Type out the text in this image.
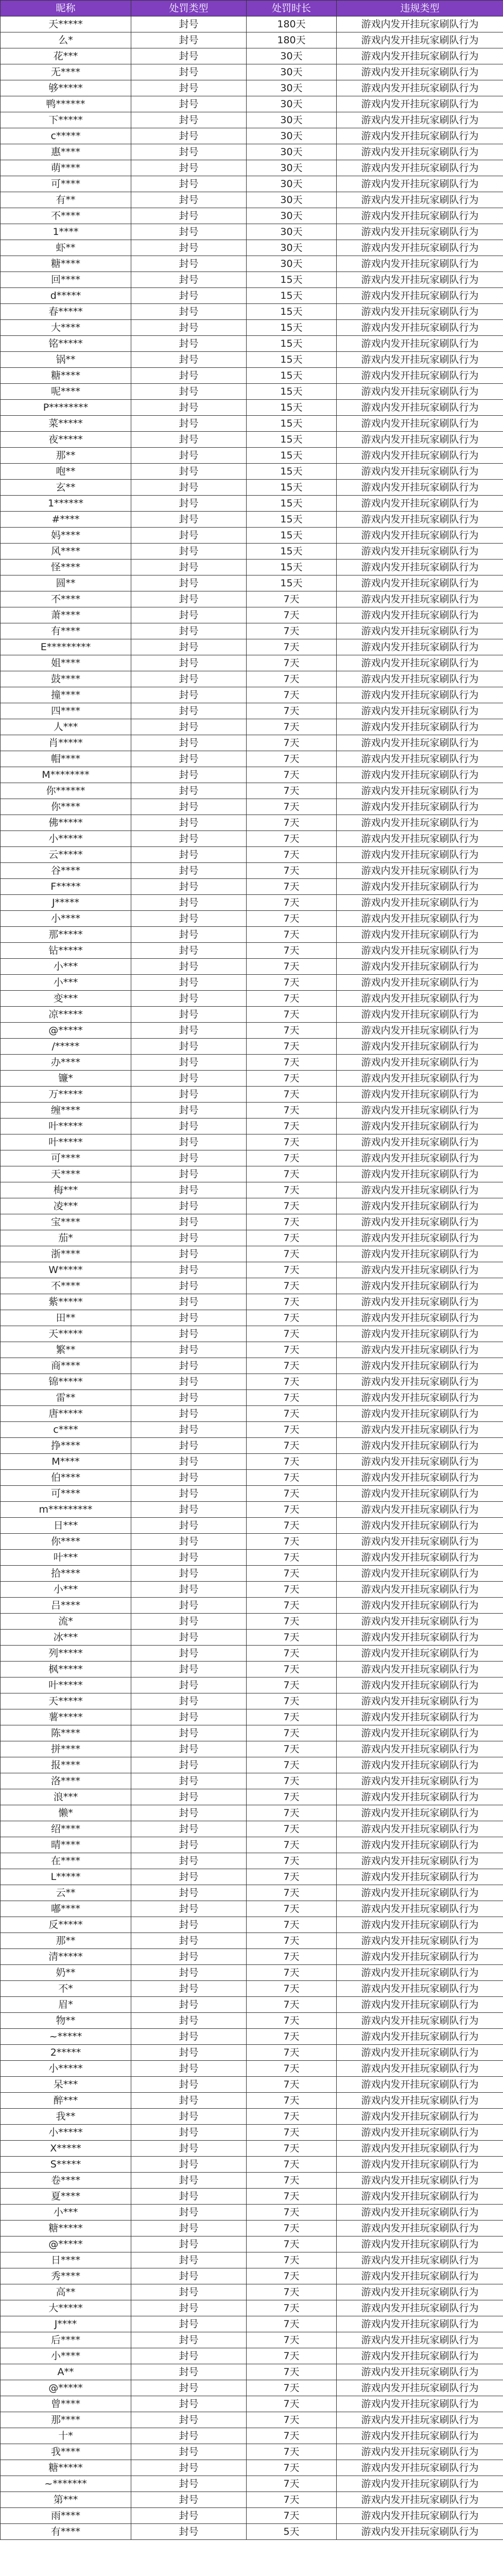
昵称	处罚类型	处罚时长	违规类型
天*****	封号	180天	游戏内发开挂玩家刷队行为
么*	封号	180天	游戏内发开挂玩家刷队行为
花***	封号	30天	游戏内发开挂玩家刷队行为
无****	封号	30天	游戏内发开挂玩家刷队行为
够*****	封号	30天	游戏内发开挂玩家刷队行为
鸭******	封号	30天	游戏内发开挂玩家刷队行为
下*****	封号	30天	游戏内发开挂玩家刷队行为
c*****	封号	30天	游戏内发开挂玩家刷队行为
惠****	封号	30天	游戏内发开挂玩家刷队行为
萌****	封号	30天	游戏内发开挂玩家刷队行为
可****	封号	30天	游戏内发开挂玩家刷队行为
有**	封号	30天	游戏内发开挂玩家刷队行为
不****	封号	30天	游戏内发开挂玩家刷队行为
1****	封号	30天	游戏内发开挂玩家刷队行为
虾**	封号	30天	游戏内发开挂玩家刷队行为
糖****	封号	30天	游戏内发开挂玩家刷队行为
回****	封号	15天	游戏内发开挂玩家刷队行为
d*****	封号	15天	游戏内发开挂玩家刷队行为
春*****	封号	15天	游戏内发开挂玩家刷队行为
大****	封号	15天	游戏内发开挂玩家刷队行为
铭*****	封号	15天	游戏内发开挂玩家刷队行为
锅**	封号	15天	游戏内发开挂玩家刷队行为
糖****	封号	15天	游戏内发开挂玩家刷队行为
呢****	封号	15天	游戏内发开挂玩家刷队行为
P********	封号	15天	游戏内发开挂玩家刷队行为
菜*****	封号	15天	游戏内发开挂玩家刷队行为
夜*****	封号	15天	游戏内发开挂玩家刷队行为
那**	封号	15天	游戏内发开挂玩家刷队行为
咆**	封号	15天	游戏内发开挂玩家刷队行为
玄**	封号	15天	游戏内发开挂玩家刷队行为
1******	封号	15天	游戏内发开挂玩家刷队行为
#****	封号	15天	游戏内发开挂玩家刷队行为
妈****	封号	15天	游戏内发开挂玩家刷队行为
风****	封号	15天	游戏内发开挂玩家刷队行为
怪****	封号	15天	游戏内发开挂玩家刷队行为
圆**	封号	15天	游戏内发开挂玩家刷队行为
不****	封号	7天	游戏内发开挂玩家刷队行为
萧****	封号	7天	游戏内发开挂玩家刷队行为
有****	封号	7天	游戏内发开挂玩家刷队行为
E*********	封号	7天	游戏内发开挂玩家刷队行为
姐****	封号	7天	游戏内发开挂玩家刷队行为
鼓****	封号	7天	游戏内发开挂玩家刷队行为
撞****	封号	7天	游戏内发开挂玩家刷队行为
四****	封号	7天	游戏内发开挂玩家刷队行为
人***	封号	7天	游戏内发开挂玩家刷队行为
肖*****	封号	7天	游戏内发开挂玩家刷队行为
帽****	封号	7天	游戏内发开挂玩家刷队行为
M********	封号	7天	游戏内发开挂玩家刷队行为
你******	封号	7天	游戏内发开挂玩家刷队行为
你****	封号	7天	游戏内发开挂玩家刷队行为
佛*****	封号	7天	游戏内发开挂玩家刷队行为
小*****	封号	7天	游戏内发开挂玩家刷队行为
云*****	封号	7天	游戏内发开挂玩家刷队行为
谷****	封号	7天	游戏内发开挂玩家刷队行为
F*****	封号	7天	游戏内发开挂玩家刷队行为
J*****	封号	7天	游戏内发开挂玩家刷队行为
小****	封号	7天	游戏内发开挂玩家刷队行为
那*****	封号	7天	游戏内发开挂玩家刷队行为
钻*****	封号	7天	游戏内发开挂玩家刷队行为
小***	封号	7天	游戏内发开挂玩家刷队行为
小***	封号	7天	游戏内发开挂玩家刷队行为
变***	封号	7天	游戏内发开挂玩家刷队行为
凉*****	封号	7天	游戏内发开挂玩家刷队行为
@*****	封号	7天	游戏内发开挂玩家刷队行为
/*****	封号	7天	游戏内发开挂玩家刷队行为
办****	封号	7天	游戏内发开挂玩家刷队行为
镰*	封号	7天	游戏内发开挂玩家刷队行为
万*****	封号	7天	游戏内发开挂玩家刷队行为
缠****	封号	7天	游戏内发开挂玩家刷队行为
叶*****	封号	7天	游戏内发开挂玩家刷队行为
叶*****	封号	7天	游戏内发开挂玩家刷队行为
可****	封号	7天	游戏内发开挂玩家刷队行为
天****	封号	7天	游戏内发开挂玩家刷队行为
梅***	封号	7天	游戏内发开挂玩家刷队行为
凌***	封号	7天	游戏内发开挂玩家刷队行为
宝****	封号	7天	游戏内发开挂玩家刷队行为
茄*	封号	7天	游戏内发开挂玩家刷队行为
浙****	封号	7天	游戏内发开挂玩家刷队行为
W*****	封号	7天	游戏内发开挂玩家刷队行为
不****	封号	7天	游戏内发开挂玩家刷队行为
紫*****	封号	7天	游戏内发开挂玩家刷队行为
田**	封号	7天	游戏内发开挂玩家刷队行为
天*****	封号	7天	游戏内发开挂玩家刷队行为
繁**	封号	7天	游戏内发开挂玩家刷队行为
商****	封号	7天	游戏内发开挂玩家刷队行为
锦*****	封号	7天	游戏内发开挂玩家刷队行为
雷**	封号	7天	游戏内发开挂玩家刷队行为
唐*****	封号	7天	游戏内发开挂玩家刷队行为
c****	封号	7天	游戏内发开挂玩家刷队行为
挣****	封号	7天	游戏内发开挂玩家刷队行为
M****	封号	7天	游戏内发开挂玩家刷队行为
伯****	封号	7天	游戏内发开挂玩家刷队行为
可****	封号	7天	游戏内发开挂玩家刷队行为
m*********	封号	7天	游戏内发开挂玩家刷队行为
日***	封号	7天	游戏内发开挂玩家刷队行为
你****	封号	7天	游戏内发开挂玩家刷队行为
叶***	封号	7天	游戏内发开挂玩家刷队行为
拾****	封号	7天	游戏内发开挂玩家刷队行为
小***	封号	7天	游戏内发开挂玩家刷队行为
吕****	封号	7天	游戏内发开挂玩家刷队行为
流*	封号	7天	游戏内发开挂玩家刷队行为
冰***	封号	7天	游戏内发开挂玩家刷队行为
列*****	封号	7天	游戏内发开挂玩家刷队行为
枫*****	封号	7天	游戏内发开挂玩家刷队行为
叶*****	封号	7天	游戏内发开挂玩家刷队行为
天*****	封号	7天	游戏内发开挂玩家刷队行为
薯*****	封号	7天	游戏内发开挂玩家刷队行为
陈****	封号	7天	游戏内发开挂玩家刷队行为
拼****	封号	7天	游戏内发开挂玩家刷队行为
报****	封号	7天	游戏内发开挂玩家刷队行为
洛****	封号	7天	游戏内发开挂玩家刷队行为
浪***	封号	7天	游戏内发开挂玩家刷队行为
懒*	封号	7天	游戏内发开挂玩家刷队行为
绍****	封号	7天	游戏内发开挂玩家刷队行为
晴****	封号	7天	游戏内发开挂玩家刷队行为
在****	封号	7天	游戏内发开挂玩家刷队行为
L*****	封号	7天	游戏内发开挂玩家刷队行为
云**	封号	7天	游戏内发开挂玩家刷队行为
嘟****	封号	7天	游戏内发开挂玩家刷队行为
反*****	封号	7天	游戏内发开挂玩家刷队行为
那**	封号	7天	游戏内发开挂玩家刷队行为
清*****	封号	7天	游戏内发开挂玩家刷队行为
奶**	封号	7天	游戏内发开挂玩家刷队行为
不*	封号	7天	游戏内发开挂玩家刷队行为
眉*	封号	7天	游戏内发开挂玩家刷队行为
物**	封号	7天	游戏内发开挂玩家刷队行为
~*****	封号	7天	游戏内发开挂玩家刷队行为
2*****	封号	7天	游戏内发开挂玩家刷队行为
小*****	封号	7天	游戏内发开挂玩家刷队行为
呆***	封号	7天	游戏内发开挂玩家刷队行为
醉***	封号	7天	游戏内发开挂玩家刷队行为
我**	封号	7天	游戏内发开挂玩家刷队行为
小*****	封号	7天	游戏内发开挂玩家刷队行为
X*****	封号	7天	游戏内发开挂玩家刷队行为
S*****	封号	7天	游戏内发开挂玩家刷队行为
卷****	封号	7天	游戏内发开挂玩家刷队行为
夏****	封号	7天	游戏内发开挂玩家刷队行为
小***	封号	7天	游戏内发开挂玩家刷队行为
糖*****	封号	7天	游戏内发开挂玩家刷队行为
@*****	封号	7天	游戏内发开挂玩家刷队行为
日****	封号	7天	游戏内发开挂玩家刷队行为
秀****	封号	7天	游戏内发开挂玩家刷队行为
高**	封号	7天	游戏内发开挂玩家刷队行为
大*****	封号	7天	游戏内发开挂玩家刷队行为
J****	封号	7天	游戏内发开挂玩家刷队行为
后****	封号	7天	游戏内发开挂玩家刷队行为
小****	封号	7天	游戏内发开挂玩家刷队行为
A**	封号	7天	游戏内发开挂玩家刷队行为
@*****	封号	7天	游戏内发开挂玩家刷队行为
曾****	封号	7天	游戏内发开挂玩家刷队行为
那****	封号	7天	游戏内发开挂玩家刷队行为
十*	封号	7天	游戏内发开挂玩家刷队行为
我****	封号	7天	游戏内发开挂玩家刷队行为
糖*****	封号	7天	游戏内发开挂玩家刷队行为
~*******	封号	7天	游戏内发开挂玩家刷队行为
第***	封号	7天	游戏内发开挂玩家刷队行为
雨****	封号	7天	游戏内发开挂玩家刷队行为
有****	封号	5天	游戏内发开挂玩家刷队行为
